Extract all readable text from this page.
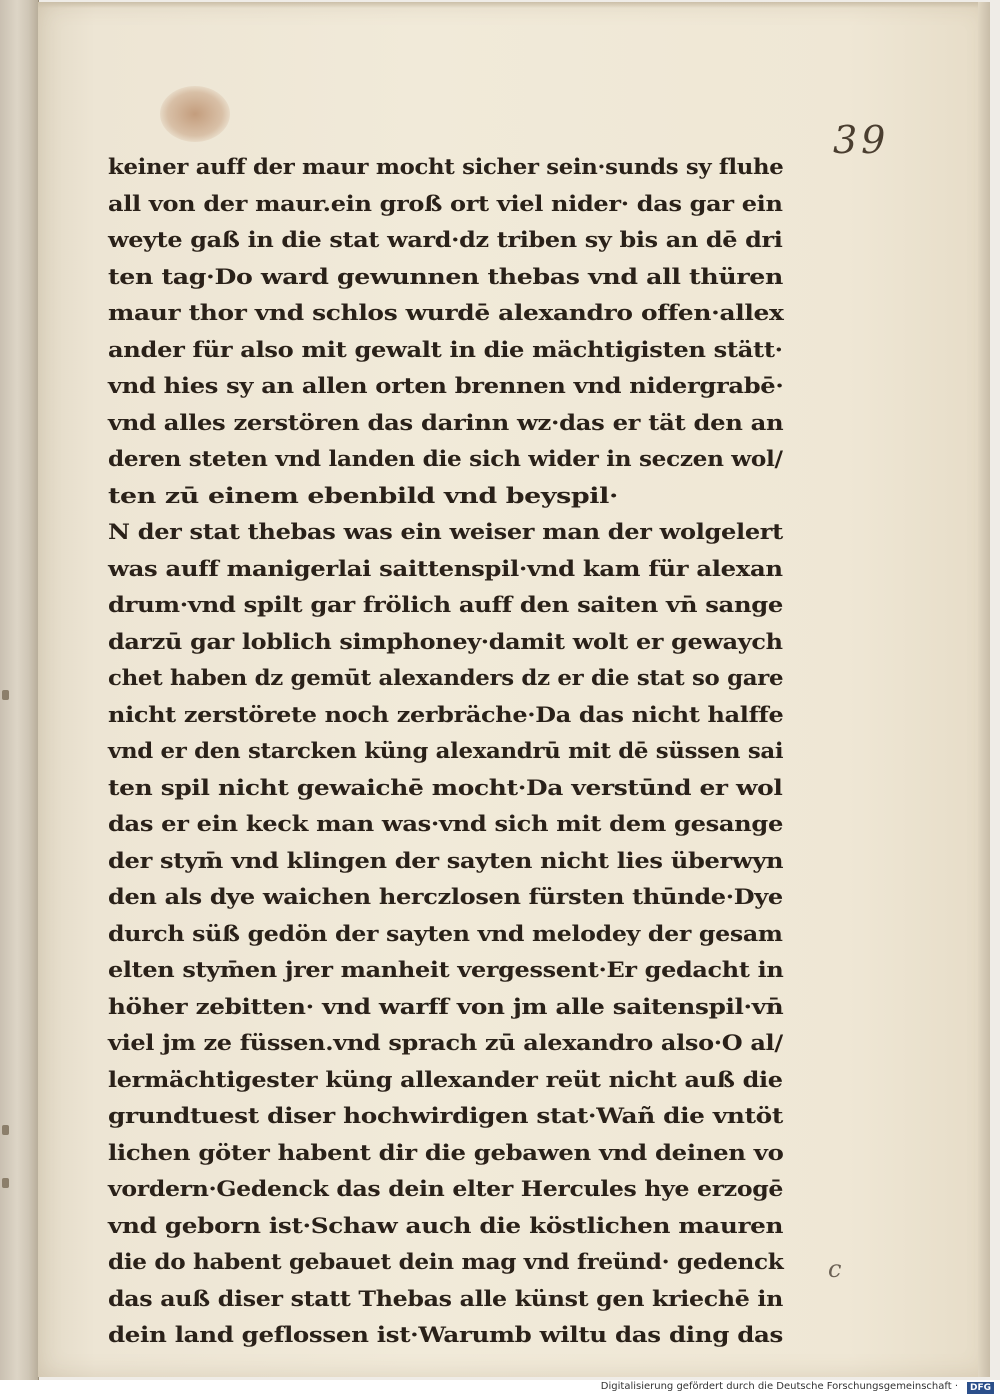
39
keiner auff der maur mocht sicher sein·sunds sy fluhe
all von der maur.ein groß ort viel nider· das gar ein
weyte gaß in die stat ward·dz triben sy bis an dē dri
ten tag·Do ward gewunnen thebas vnd all thüren
maur thor vnd schlos wurdē alexandro offen·allex
ander für also mit gewalt in die mächtigisten stätt·
vnd hies sy an allen orten brennen vnd nidergrabē·
vnd alles zerstören das darinn wz·das er tät den an
deren steten vnd landen die sich wider in seczen wol/
ten zū einem ebenbild vnd beyspil·
N der stat thebas was ein weiser man der wolgelert
was auff manigerlai saittenspil·vnd kam für alexan
drum·vnd spilt gar frölich auff den saiten vn̄ sange
darzū gar loblich simphoney·damit wolt er gewaych
chet haben dz gemūt alexanders dz er die stat so gare
nicht zerstörete noch zerbräche·Da das nicht halffe
vnd er den starcken küng alexandrū mit dē süssen sai
ten spil nicht gewaichē mocht·Da verstūnd er wol
das er ein keck man was·vnd sich mit dem gesange
der stym̄ vnd klingen der sayten nicht lies überwyn
den als dye waichen herczlosen fürsten thūnde·Dye
durch süß gedön der sayten vnd melodey der gesam
elten stym̄en jrer manheit vergessent·Er gedacht in
höher zebitten· vnd warff von jm alle saitenspil·vn̄
viel jm ze füssen.vnd sprach zū alexandro also·O al/
lermächtigester küng allexander reüt nicht auß die
grundtuest diser hochwirdigen stat·Wañ die vntöt
lichen göter habent dir die gebawen vnd deinen vo
vordern·Gedenck das dein elter Hercules hye erzogē
vnd geborn ist·Schaw auch die köstlichen mauren
die do habent gebauet dein mag vnd freünd· gedenck
das auß diser statt Thebas alle künst gen kriechē in
dein land geflossen ist·Warumb wiltu das ding das
c
Digitalisierung gefördert durch die Deutsche Forschungsgemeinschaft ·	DFG
